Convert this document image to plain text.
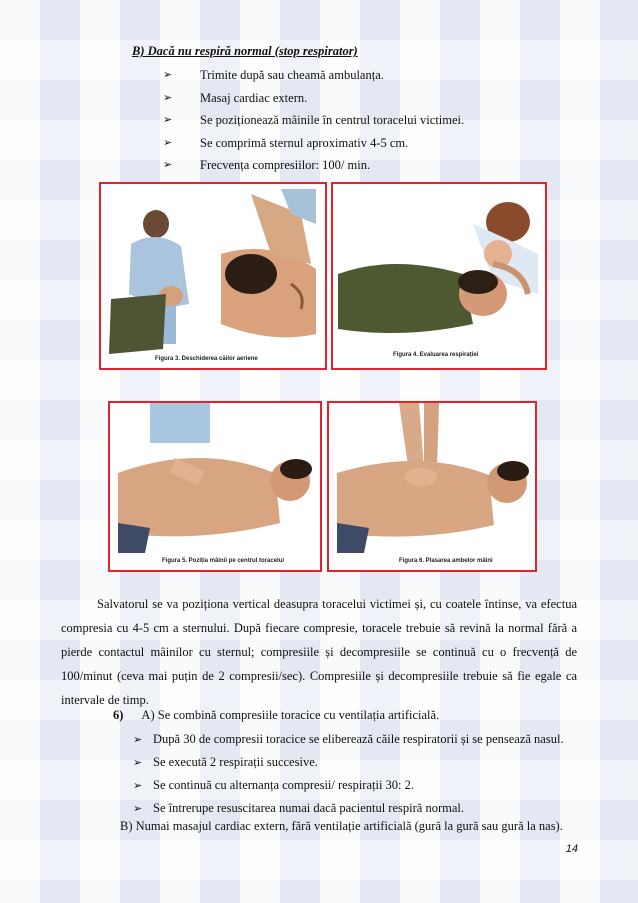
B) Dacă nu respiră normal (stop respirator)
➢ Trimite după sau cheamă ambulanța.
➢ Masaj cardiac extern.
➢ Se poziționează mâinile în centrul toracelui victimei.
➢ Se comprimă sternul aproximativ 4-5 cm.
➢ Frecvența compresiilor: 100/ min.
Figura 3. Deschiderea căilor aeriene
Figura 4. Evaluarea respirației
Figura 5. Poziția mâinii pe centrul toracelui	Figura 6. Plasarea ambelor mâini

Salvatorul se va poziționa vertical deasupra toracelui victimei și, cu coatele întinse, va efectua compresia cu 4-5 cm a sternului. După fiecare compresie, toracele trebuie să revină la normal fără a pierde contactul mâinilor cu sternul; compresiile și decompresiile se continuă cu o frecvență de 100/minut (ceva mai puțin de 2 compresii/sec). Compresiile și decompresiile trebuie să fie egale ca intervale de timp.

6) A) Se combină compresiile toracice cu ventilația artificială.
➢ După 30 de compresii toracice se eliberează căile respiratorii și se pensează nasul.
➢ Se execută 2 respirații succesive.
➢ Se continuă cu alternanța compresii/ respirații 30: 2.
➢ Se întrerupe resuscitarea numai dacă pacientul respiră normal.
B) Numai masajul cardiac extern, fără ventilație artificială (gură la gură sau gură la nas).
14
